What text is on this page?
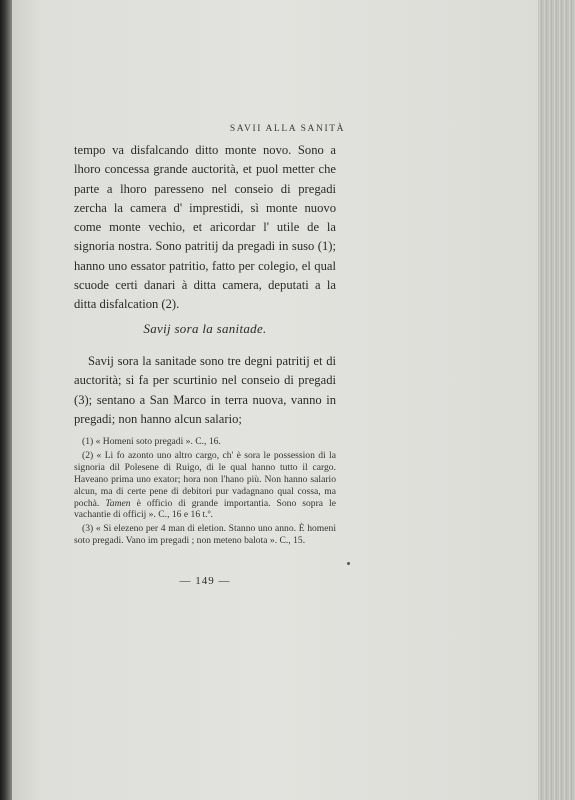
SAVII ALLA SANITÀ

tempo va disfalcando ditto monte novo. Sono a lhoro concessa grande auctorità, et puol metter che parte a lhoro paresseno nel conseio di pregadi zercha la camera d' imprestidi, sì monte nuovo come monte vechio, et aricordar l' utile de la signoria nostra. Sono patritij da pregadi in suso (1); hanno uno essator patritio, fatto per colegio, el qual scuode certi danari à ditta camera, deputati a la ditta disfalcation (2).

Savij sora la sanitade.

Savij sora la sanitade sono tre degni patritij et di auctorità; si fa per scurtinio nel conseio di pregadi (3); sentano a San Marco in terra nuova, vanno in pregadi; non hanno alcun salario;

(1) « Homeni soto pregadi ». C., 16.

(2) « Li fo azonto uno altro cargo, ch' è sora le possession di la signoria dil Polesene di Ruigo, di le qual hanno tutto il cargo. Haveano prima uno exator; hora non l'hano più. Non hanno salario alcun, ma di certe pene di debitori pur vadagnano qual cossa, ma pochà. Tamen è officio di grande importantia. Sono sopra le vachantie di officij ». C., 16 e 16 t.º.

(3) « Si elezeno per 4 man di eletion. Stanno uno anno. È homeni soto pregadi. Vano im pregadi ; non meteno balota ». C., 15.

— 149 —
